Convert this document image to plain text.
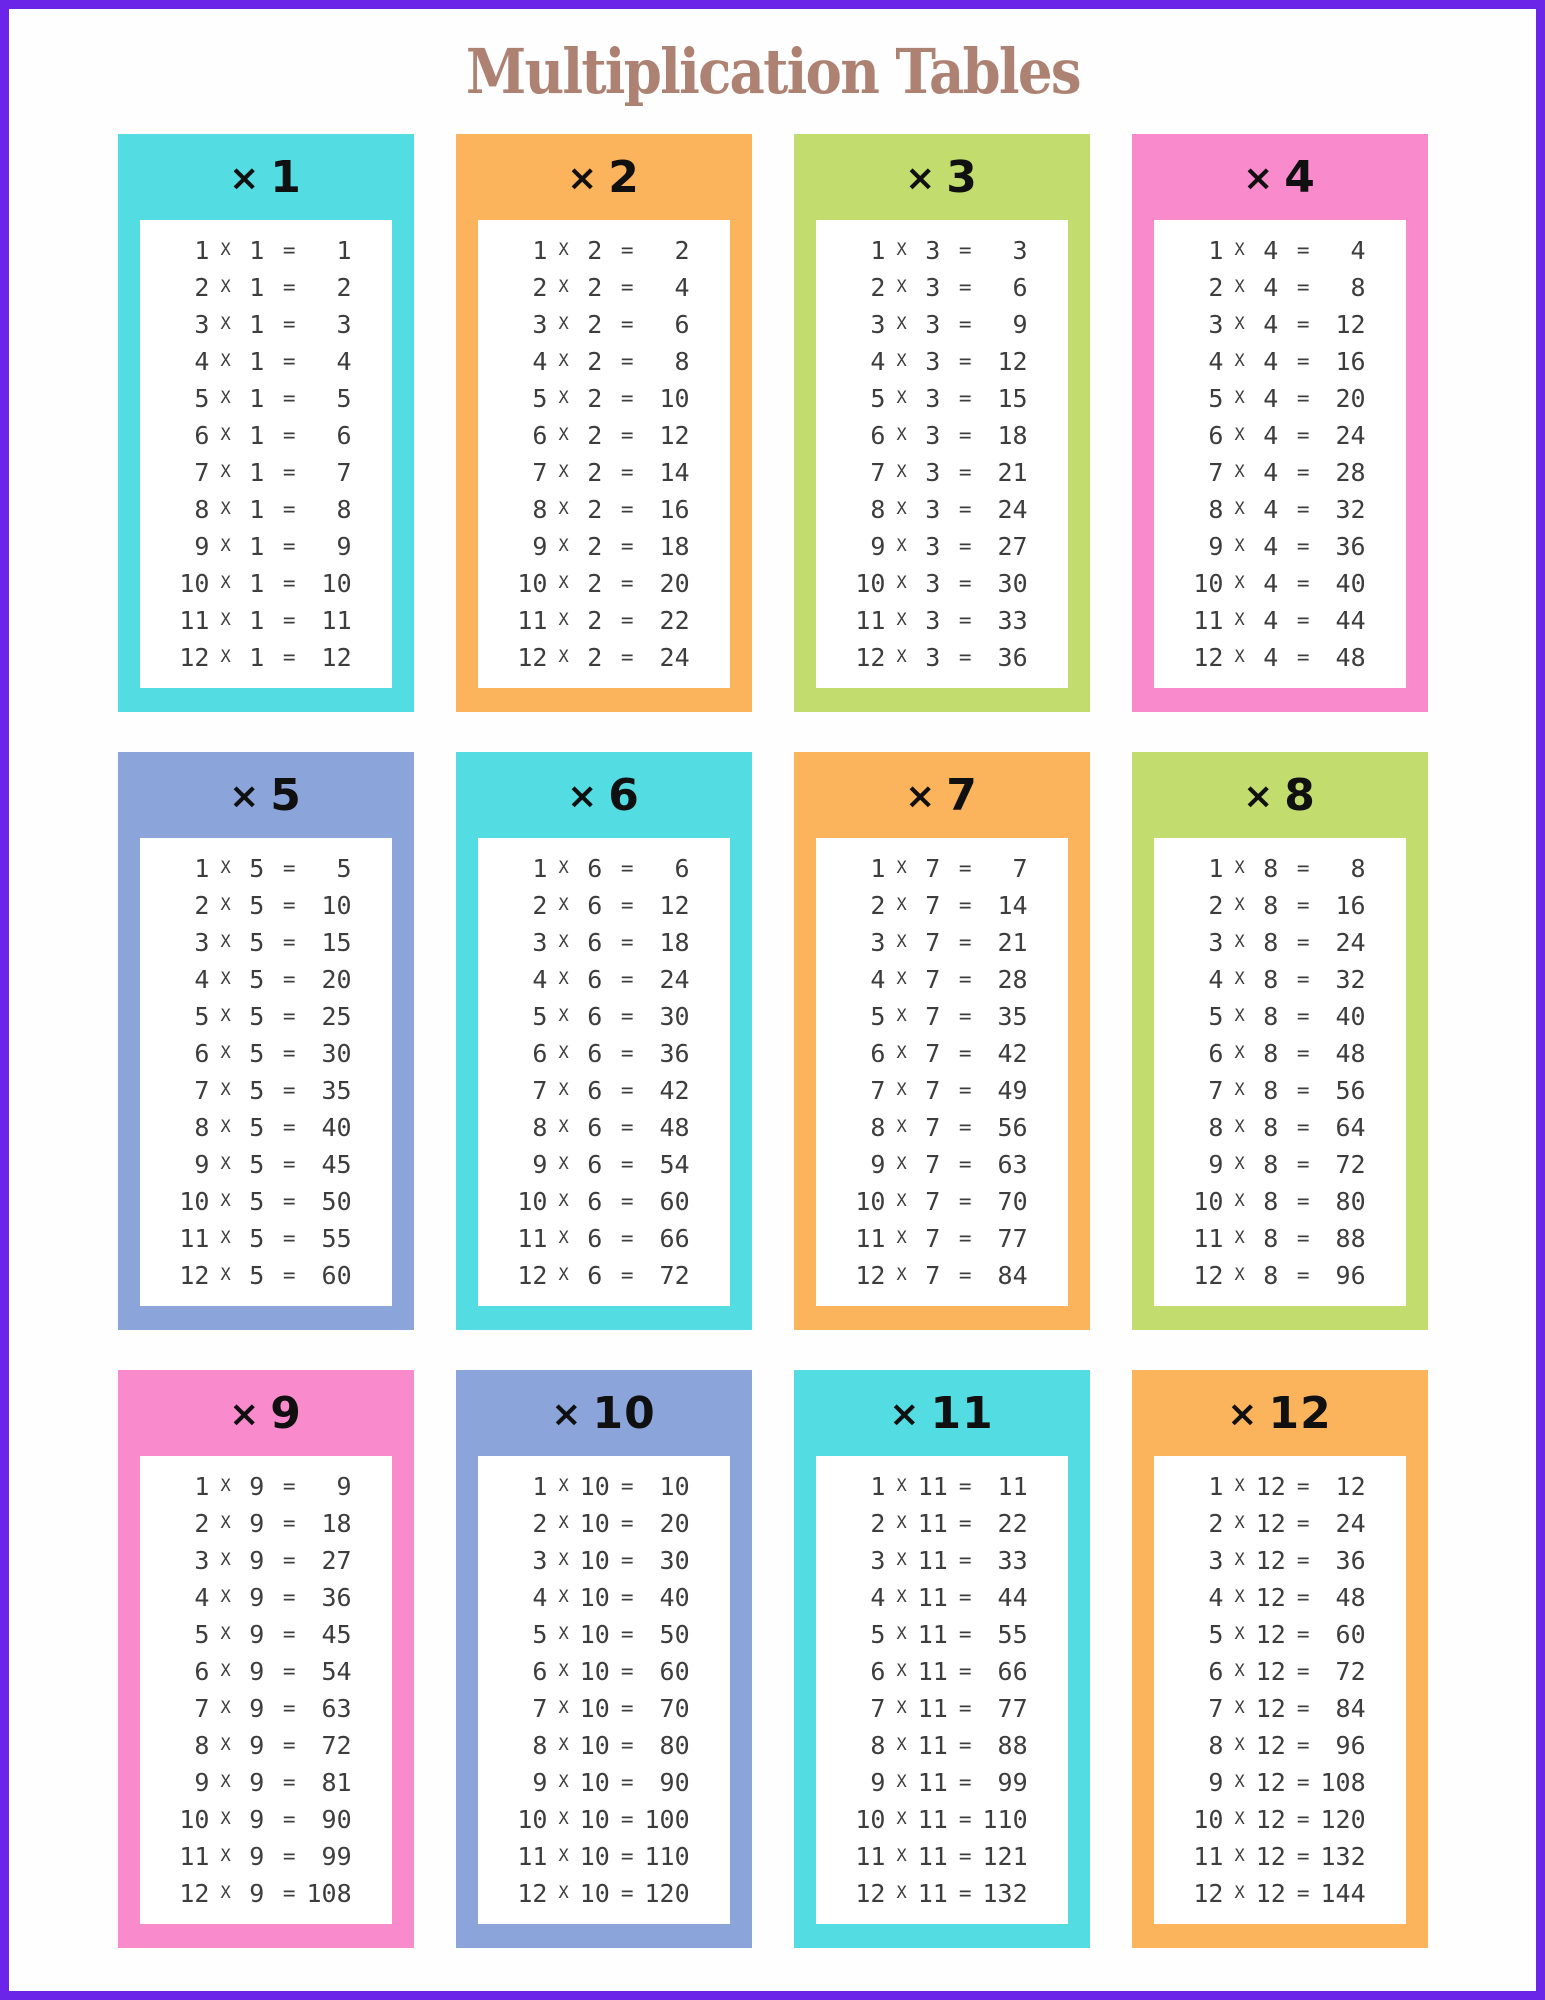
Multiplication Tables
× 1
1 X 1 =	1
2 X 1 =	2
3 X 1 =	3
4 X 1 =	4
5 X 1 =	5
6 X 1 =	6
7 X 1 =	7
8 X 1 =	8
9 X 1 =	9
10 X 1 =	10
11 X 1 =	11
12 X 1 =	12
× 2
1 X 2 =	2
2 X 2 =	4
3 X 2 =	6
4 X 2 =	8
5 X 2 =	10
6 X 2 =	12
7 X 2 =	14
8 X 2 =	16
9 X 2 =	18
10 X 2 =	20
11 X 2 =	22
12 X 2 =	24
× 3
1 X 3 =	3
2 X 3 =	6
3 X 3 =	9
4 X 3 =	12
5 X 3 =	15
6 X 3 =	18
7 X 3 =	21
8 X 3 =	24
9 X 3 =	27
10 X 3 =	30
11 X 3 =	33
12 X 3 =	36
× 4
1 X 4 =	4
2 X 4 =	8
3 X 4 =	12
4 X 4 =	16
5 X 4 =	20
6 X 4 =	24
7 X 4 =	28
8 X 4 =	32
9 X 4 =	36
10 X 4 =	40
11 X 4 =	44
12 X 4 =	48
× 5
1 X 5 =	5
2 X 5 =	10
3 X 5 =	15
4 X 5 =	20
5 X 5 =	25
6 X 5 =	30
7 X 5 =	35
8 X 5 =	40
9 X 5 =	45
10 X 5 =	50
11 X 5 =	55
12 X 5 =	60
× 6
1 X 6 =	6
2 X 6 =	12
3 X 6 =	18
4 X 6 =	24
5 X 6 =	30
6 X 6 =	36
7 X 6 =	42
8 X 6 =	48
9 X 6 =	54
10 X 6 =	60
11 X 6 =	66
12 X 6 =	72
× 7
1 X 7 =	7
2 X 7 =	14
3 X 7 =	21
4 X 7 =	28
5 X 7 =	35
6 X 7 =	42
7 X 7 =	49
8 X 7 =	56
9 X 7 =	63
10 X 7 =	70
11 X 7 =	77
12 X 7 =	84
× 8
1 X 8 =	8
2 X 8 =	16
3 X 8 =	24
4 X 8 =	32
5 X 8 =	40
6 X 8 =	48
7 X 8 =	56
8 X 8 =	64
9 X 8 =	72
10 X 8 =	80
11 X 8 =	88
12 X 8 =	96
× 9
1 X 9 =	9
2 X 9 =	18
3 X 9 =	27
4 X 9 =	36
5 X 9 =	45
6 X 9 =	54
7 X 9 =	63
8 X 9 =	72
9 X 9 =	81
10 X 9 =	90
11 X 9 =	99
12 X 9 = 108
× 10
1 X 10 =	10
2 X 10 =	20
3 X 10 =	30
4 X 10 =	40
5 X 10 =	50
6 X 10 =	60
7 X 10 =	70
8 X 10 =	80
9 X 10 =	90
10 X 10 = 100
11 X 10 = 110
12 X 10 = 120
× 11
1 X 11 =	11
2 X 11 =	22
3 X 11 =	33
4 X 11 =	44
5 X 11 =	55
6 X 11 =	66
7 X 11 =	77
8 X 11 =	88
9 X 11 =	99
10 X 11 = 110
11 X 11 = 121
12 X 11 = 132
× 12
1 X 12 =	12
2 X 12 =	24
3 X 12 =	36
4 X 12 =	48
5 X 12 =	60
6 X 12 =	72
7 X 12 =	84
8 X 12 =	96
9 X 12 = 108
10 X 12 = 120
11 X 12 = 132
12 X 12 = 144
